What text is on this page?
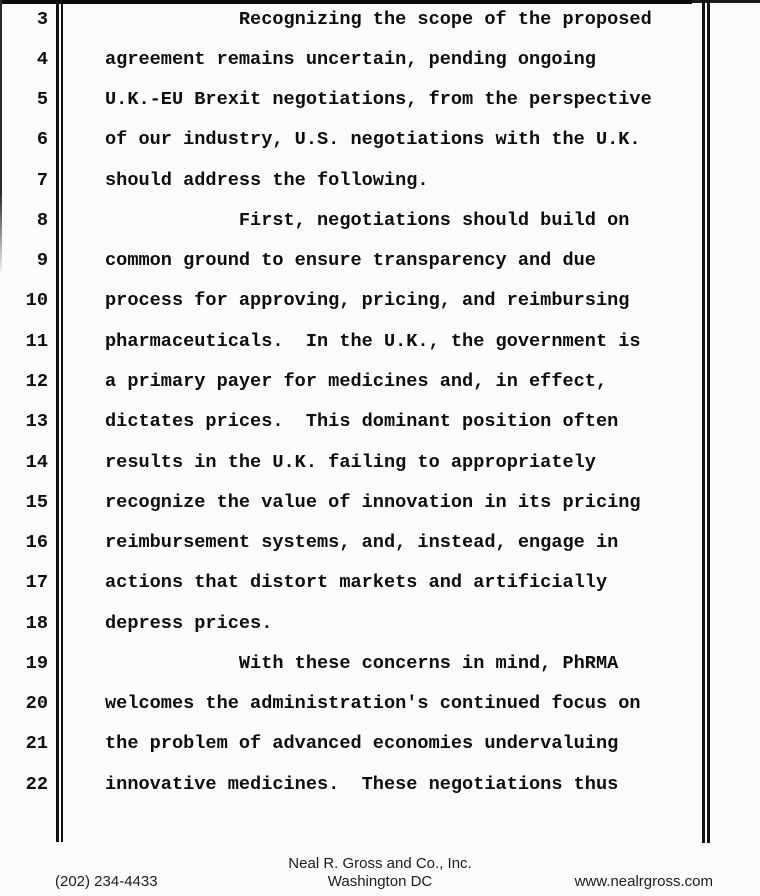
3	Recognizing the scope of the proposed
4	agreement remains uncertain, pending ongoing
5	U.K.-EU Brexit negotiations, from the perspective
6	of our industry, U.S. negotiations with the U.K.
7	should address the following.
8	First, negotiations should build on
9	common ground to ensure transparency and due
10	process for approving, pricing, and reimbursing
11	pharmaceuticals.  In the U.K., the government is
12	a primary payer for medicines and, in effect,
13	dictates prices.  This dominant position often
14	results in the U.K. failing to appropriately
15	recognize the value of innovation in its pricing
16	reimbursement systems, and, instead, engage in
17	actions that distort markets and artificially
18	depress prices.
19	With these concerns in mind, PhRMA
20	welcomes the administration's continued focus on
21	the problem of advanced economies undervaluing
22	innovative medicines.  These negotiations thus
Neal R. Gross and Co., Inc.
(202) 234-4433	Washington DC	www.nealrgross.com
